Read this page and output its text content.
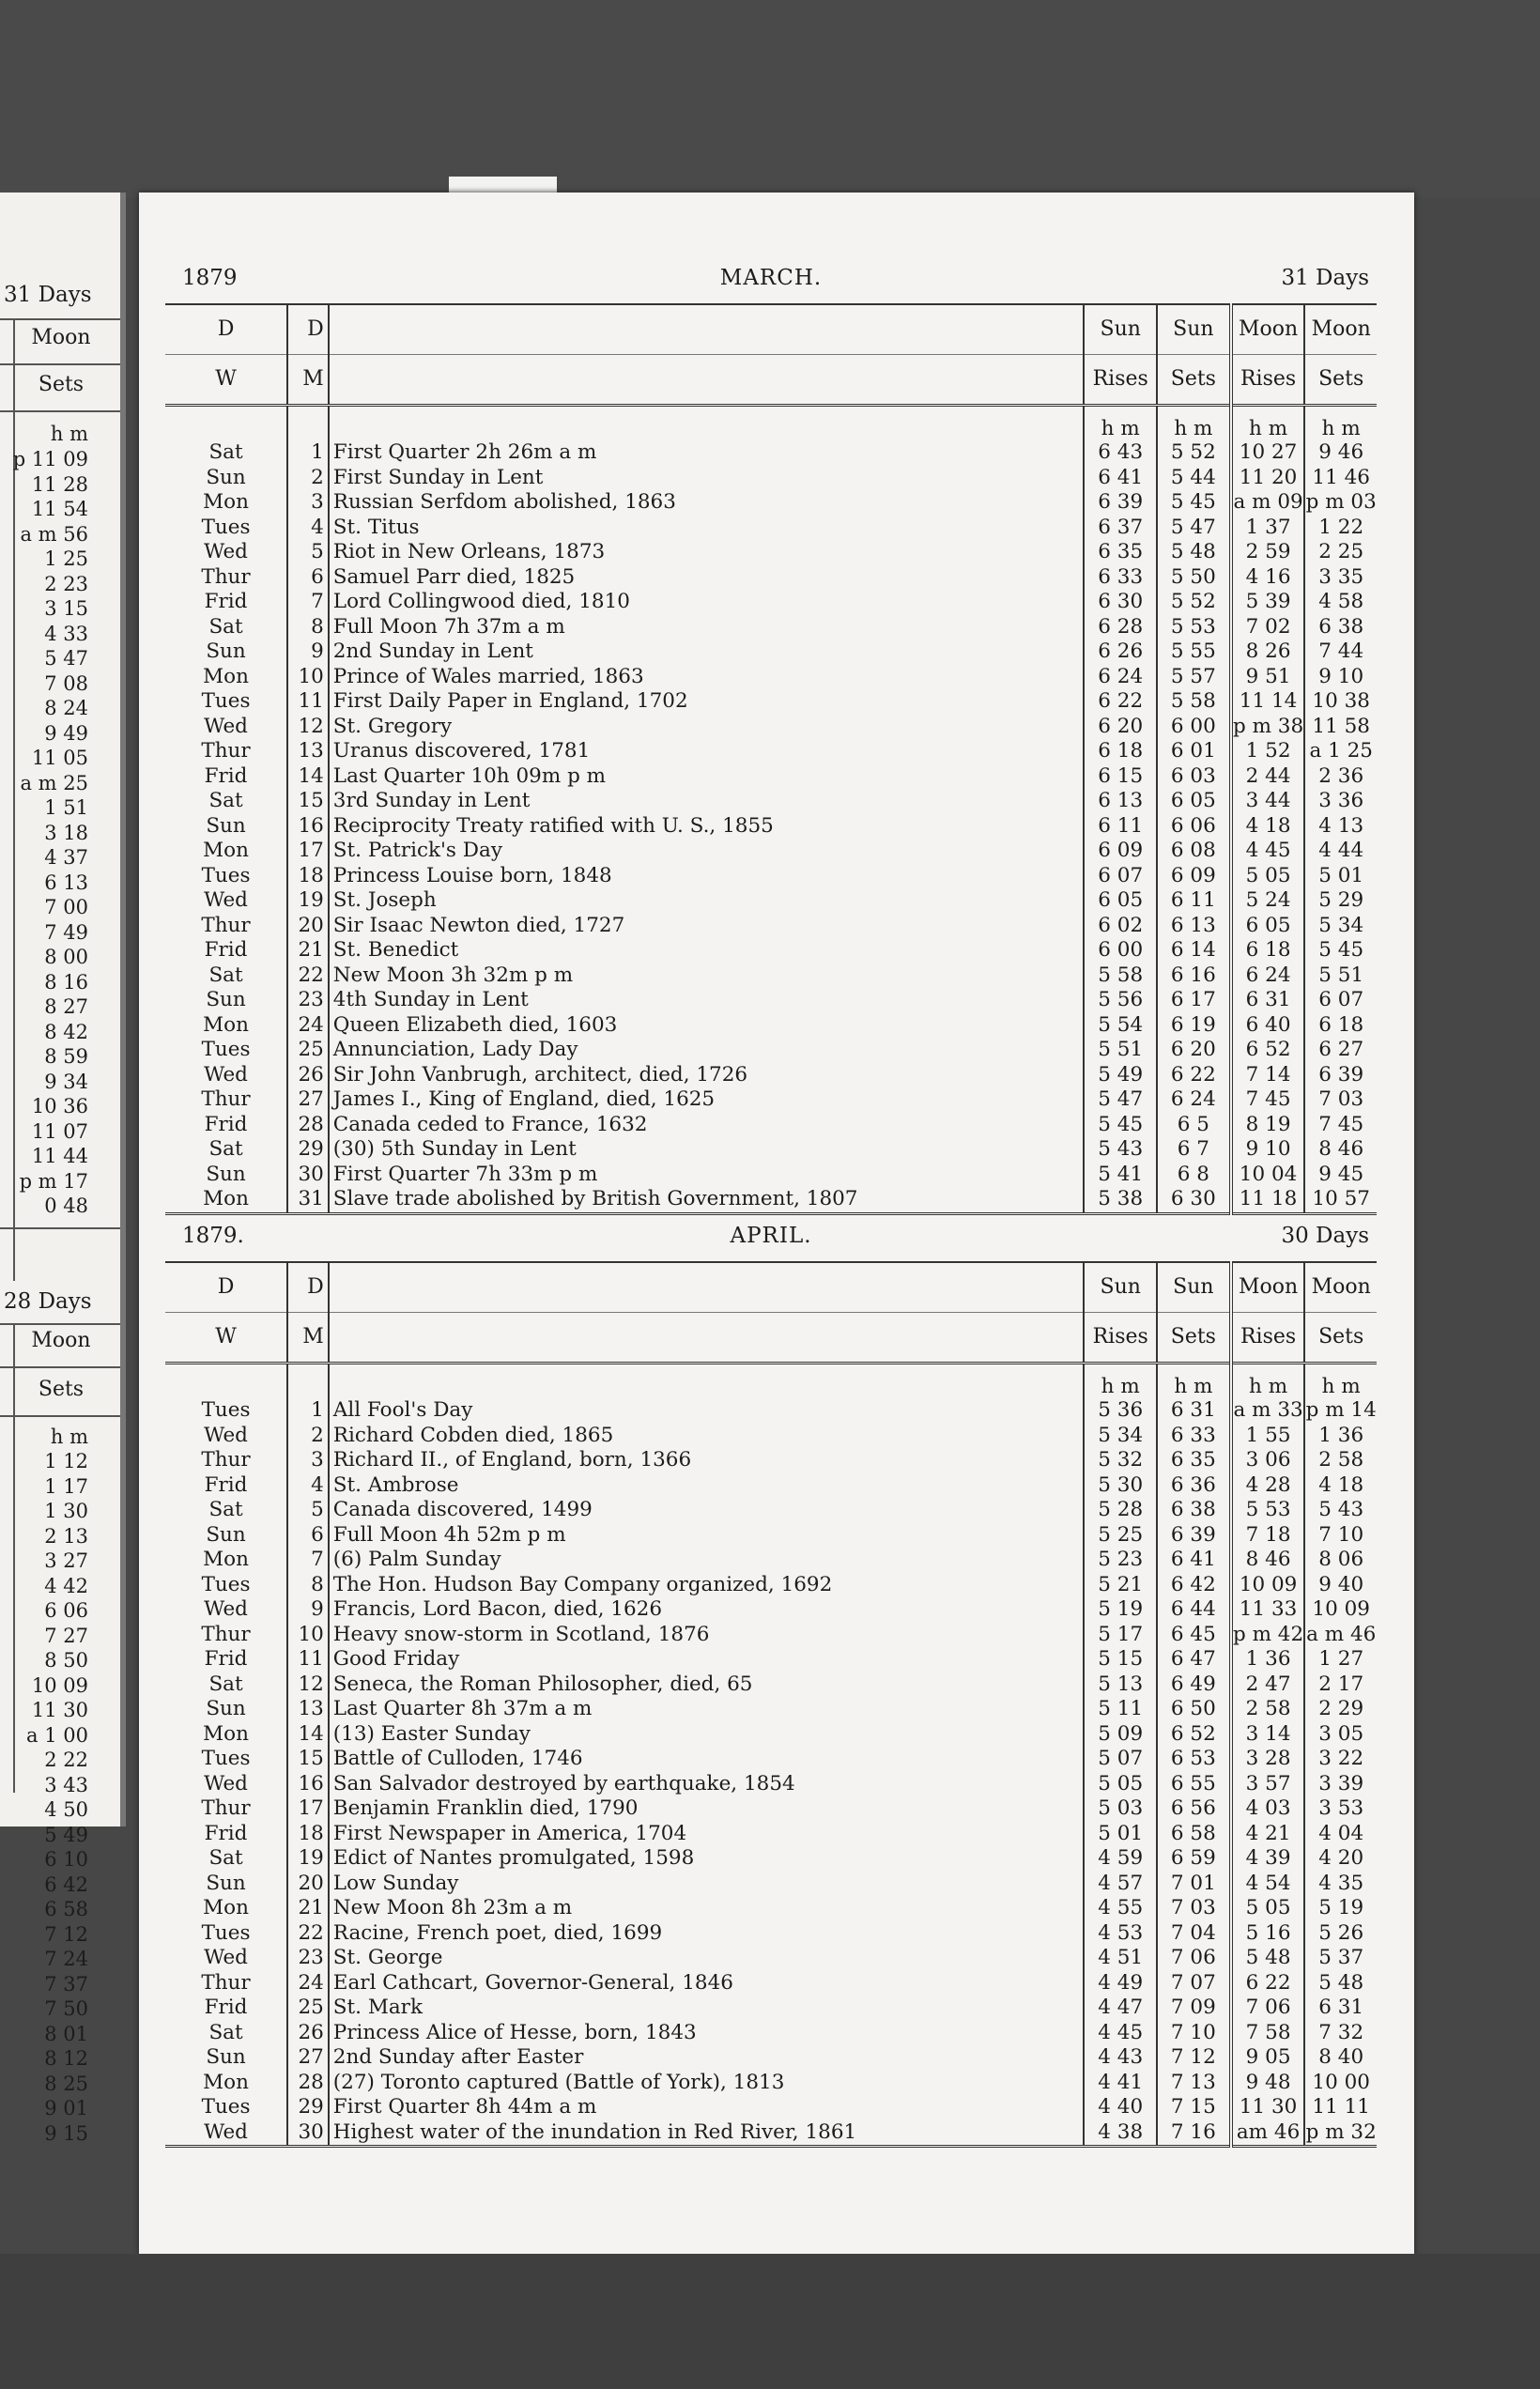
31 Days
Moon
Sets
h m
p 11 09
11 28
11 54
a m 56
1 25
2 23
3 15
4 33
5 47
7 08
8 24
9 49
11 05
a m 25
1 51
3 18
4 37
6 13
7 00
7 49
8 00
8 16
8 27
8 42
8 59
9 34
10 36
11 07
11 44
p m 17
0 48
28 Days
Moon
Sets
h m
1 12
1 17
1 30
2 13
3 27
4 42
6 06
7 27
8 50
10 09
11 30
a 1 00
2 22
3 43
4 50
5 49
6 10
6 42
6 58
7 12
7 24
7 37
7 50
8 01
8 12
8 25
9 01
9 15
1879	MARCH.	31 Days
D	D		Sun	Sun	Moon	Moon
W	M		Rises	Sets	Rises	Sets
			h m	h m	h m	h m
Sat	1	First Quarter 2h 26m a m	6 43	5 52	10 27	9 46
Sun	2	First Sunday in Lent	6 41	5 44	11 20	11 46
Mon	3	Russian Serfdom abolished, 1863	6 39	5 45	a m 09	p m 03
Tues	4	St. Titus	6 37	5 47	1 37	1 22
Wed	5	Riot in New Orleans, 1873	6 35	5 48	2 59	2 25
Thur	6	Samuel Parr died, 1825	6 33	5 50	4 16	3 35
Frid	7	Lord Collingwood died, 1810	6 30	5 52	5 39	4 58
Sat	8	Full Moon 7h 37m a m	6 28	5 53	7 02	6 38
Sun	9	2nd Sunday in Lent	6 26	5 55	8 26	7 44
Mon	10	Prince of Wales married, 1863	6 24	5 57	9 51	9 10
Tues	11	First Daily Paper in England, 1702	6 22	5 58	11 14	10 38
Wed	12	St. Gregory	6 20	6 00	p m 38	11 58
Thur	13	Uranus discovered, 1781	6 18	6 01	1 52	a 1 25
Frid	14	Last Quarter 10h 09m p m	6 15	6 03	2 44	2 36
Sat	15	3rd Sunday in Lent	6 13	6 05	3 44	3 36
Sun	16	Reciprocity Treaty ratified with U. S., 1855	6 11	6 06	4 18	4 13
Mon	17	St. Patrick's Day	6 09	6 08	4 45	4 44
Tues	18	Princess Louise born, 1848	6 07	6 09	5 05	5 01
Wed	19	St. Joseph	6 05	6 11	5 24	5 29
Thur	20	Sir Isaac Newton died, 1727	6 02	6 13	6 05	5 34
Frid	21	St. Benedict	6 00	6 14	6 18	5 45
Sat	22	New Moon 3h 32m p m	5 58	6 16	6 24	5 51
Sun	23	4th Sunday in Lent	5 56	6 17	6 31	6 07
Mon	24	Queen Elizabeth died, 1603	5 54	6 19	6 40	6 18
Tues	25	Annunciation, Lady Day	5 51	6 20	6 52	6 27
Wed	26	Sir John Vanbrugh, architect, died, 1726	5 49	6 22	7 14	6 39
Thur	27	James I., King of England, died, 1625	5 47	6 24	7 45	7 03
Frid	28	Canada ceded to France, 1632	5 45	6 5	8 19	7 45
Sat	29	(30) 5th Sunday in Lent	5 43	6 7	9 10	8 46
Sun	30	First Quarter 7h 33m p m	5 41	6 8	10 04	9 45
Mon	31	Slave trade abolished by British Government, 1807	5 38	6 30	11 18	10 57
1879.	APRIL.	30 Days
D	D		Sun	Sun	Moon	Moon
W	M		Rises	Sets	Rises	Sets
			h m	h m	h m	h m
Tues	1	All Fool's Day	5 36	6 31	a m 33	p m 14
Wed	2	Richard Cobden died, 1865	5 34	6 33	1 55	1 36
Thur	3	Richard II., of England, born, 1366	5 32	6 35	3 06	2 58
Frid	4	St. Ambrose	5 30	6 36	4 28	4 18
Sat	5	Canada discovered, 1499	5 28	6 38	5 53	5 43
Sun	6	Full Moon 4h 52m p m	5 25	6 39	7 18	7 10
Mon	7	(6) Palm Sunday	5 23	6 41	8 46	8 06
Tues	8	The Hon. Hudson Bay Company organized, 1692	5 21	6 42	10 09	9 40
Wed	9	Francis, Lord Bacon, died, 1626	5 19	6 44	11 33	10 09
Thur	10	Heavy snow-storm in Scotland, 1876	5 17	6 45	p m 42	a m 46
Frid	11	Good Friday	5 15	6 47	1 36	1 27
Sat	12	Seneca, the Roman Philosopher, died, 65	5 13	6 49	2 47	2 17
Sun	13	Last Quarter 8h 37m a m	5 11	6 50	2 58	2 29
Mon	14	(13) Easter Sunday	5 09	6 52	3 14	3 05
Tues	15	Battle of Culloden, 1746	5 07	6 53	3 28	3 22
Wed	16	San Salvador destroyed by earthquake, 1854	5 05	6 55	3 57	3 39
Thur	17	Benjamin Franklin died, 1790	5 03	6 56	4 03	3 53
Frid	18	First Newspaper in America, 1704	5 01	6 58	4 21	4 04
Sat	19	Edict of Nantes promulgated, 1598	4 59	6 59	4 39	4 20
Sun	20	Low Sunday	4 57	7 01	4 54	4 35
Mon	21	New Moon 8h 23m a m	4 55	7 03	5 05	5 19
Tues	22	Racine, French poet, died, 1699	4 53	7 04	5 16	5 26
Wed	23	St. George	4 51	7 06	5 48	5 37
Thur	24	Earl Cathcart, Governor-General, 1846	4 49	7 07	6 22	5 48
Frid	25	St. Mark	4 47	7 09	7 06	6 31
Sat	26	Princess Alice of Hesse, born, 1843	4 45	7 10	7 58	7 32
Sun	27	2nd Sunday after Easter	4 43	7 12	9 05	8 40
Mon	28	(27) Toronto captured (Battle of York), 1813	4 41	7 13	9 48	10 00
Tues	29	First Quarter 8h 44m a m	4 40	7 15	11 30	11 11
Wed	30	Highest water of the inundation in Red River, 1861	4 38	7 16	am 46	p m 32
